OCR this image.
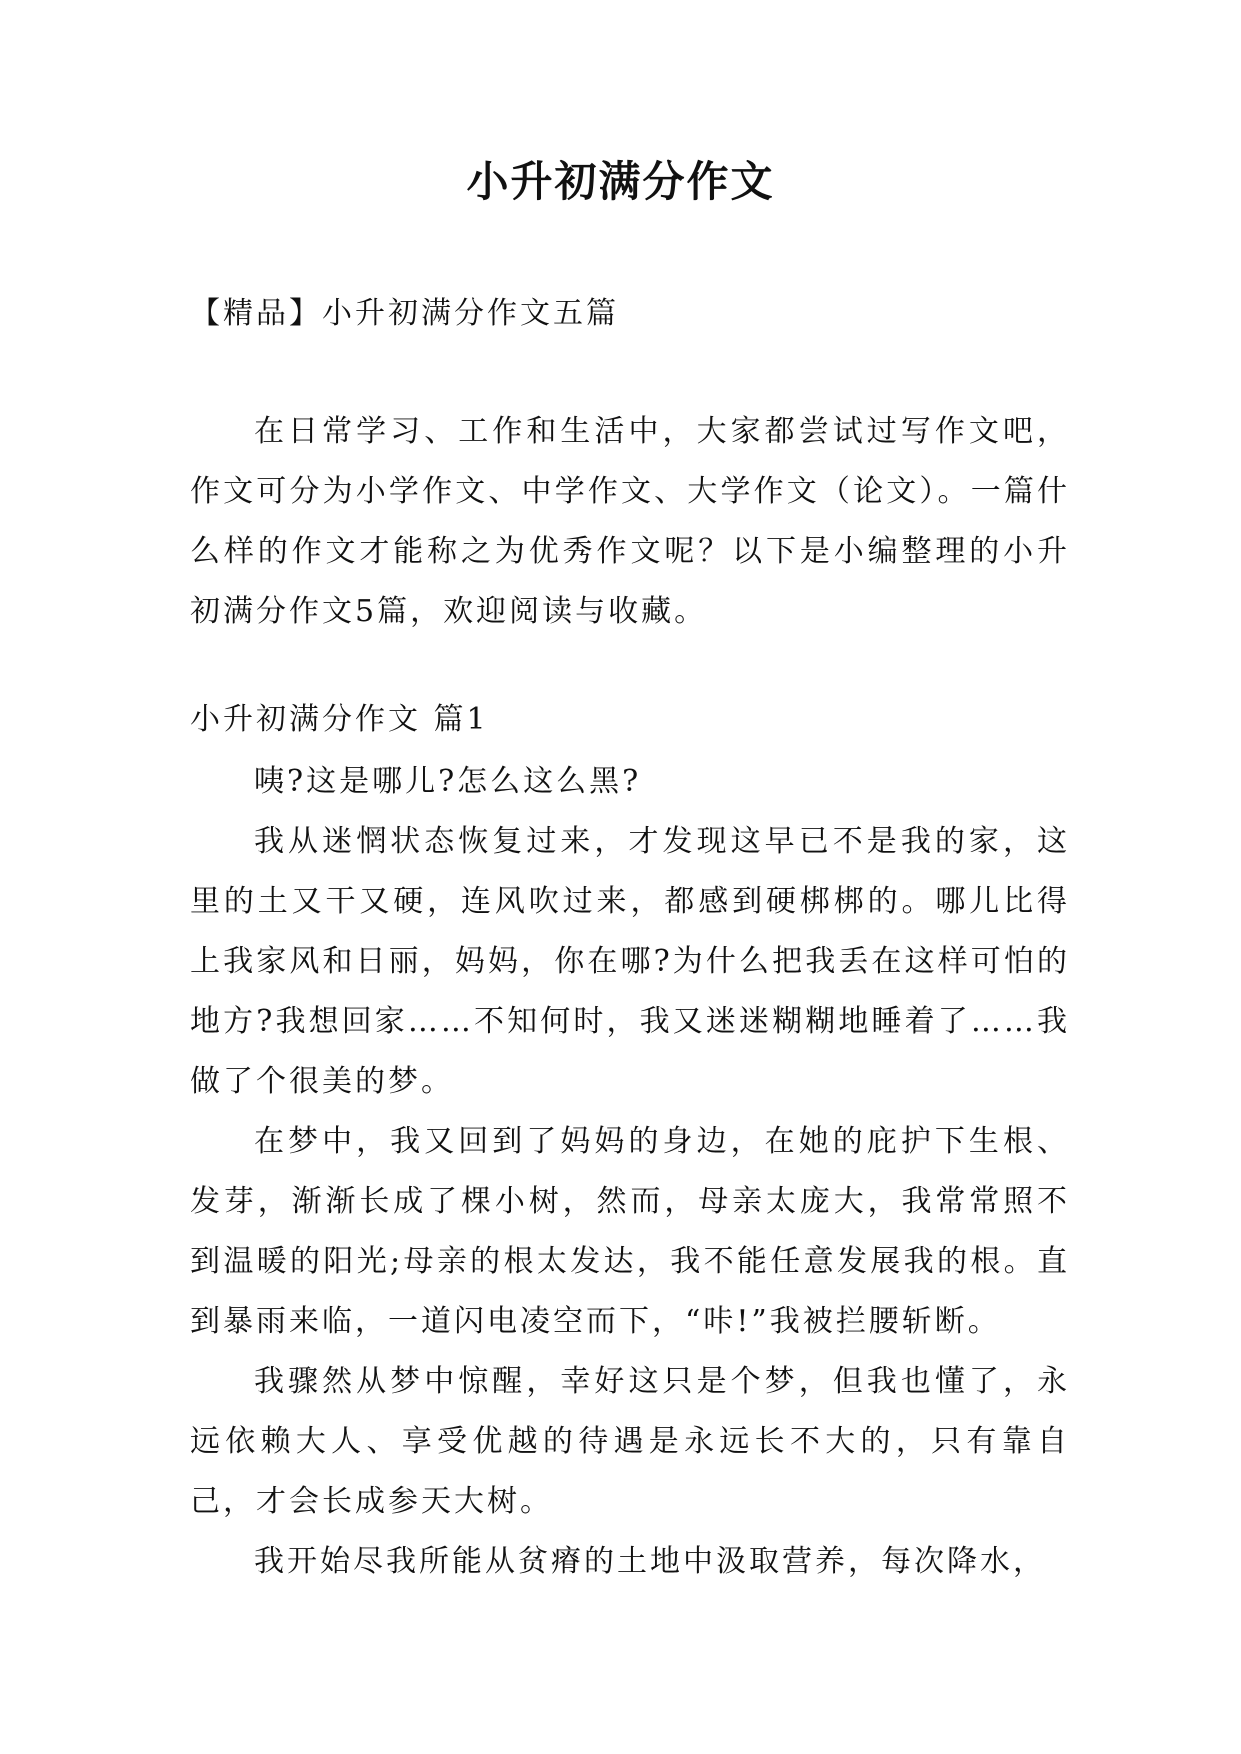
小升初满分作文
【精品】小升初满分作文五篇

在日常学习、工作和生活中，大家都尝试过写作文吧，作文可分为小学作文、中学作文、大学作文（论文）。一篇什么样的作文才能称之为优秀作文呢？以下是小编整理的小升初满分作文5篇，欢迎阅读与收藏。

小升初满分作文 篇1

咦?这是哪儿?怎么这么黑?

我从迷惘状态恢复过来，才发现这早已不是我的家，这里的土又干又硬，连风吹过来，都感到硬梆梆的。哪儿比得上我家风和日丽，妈妈，你在哪?为什么把我丢在这样可怕的地方?我想回家……不知何时，我又迷迷糊糊地睡着了……我做了个很美的梦。

在梦中，我又回到了妈妈的身边，在她的庇护下生根、发芽，渐渐长成了棵小树，然而，母亲太庞大，我常常照不到温暖的阳光;母亲的根太发达，我不能任意发展我的根。直到暴雨来临，一道闪电凌空而下，“咔!”我被拦腰斩断。

我骤然从梦中惊醒，幸好这只是个梦，但我也懂了，永远依赖大人、享受优越的待遇是永远长不大的，只有靠自己，才会长成参天大树。

我开始尽我所能从贫瘠的土地中汲取营养，每次降水，
